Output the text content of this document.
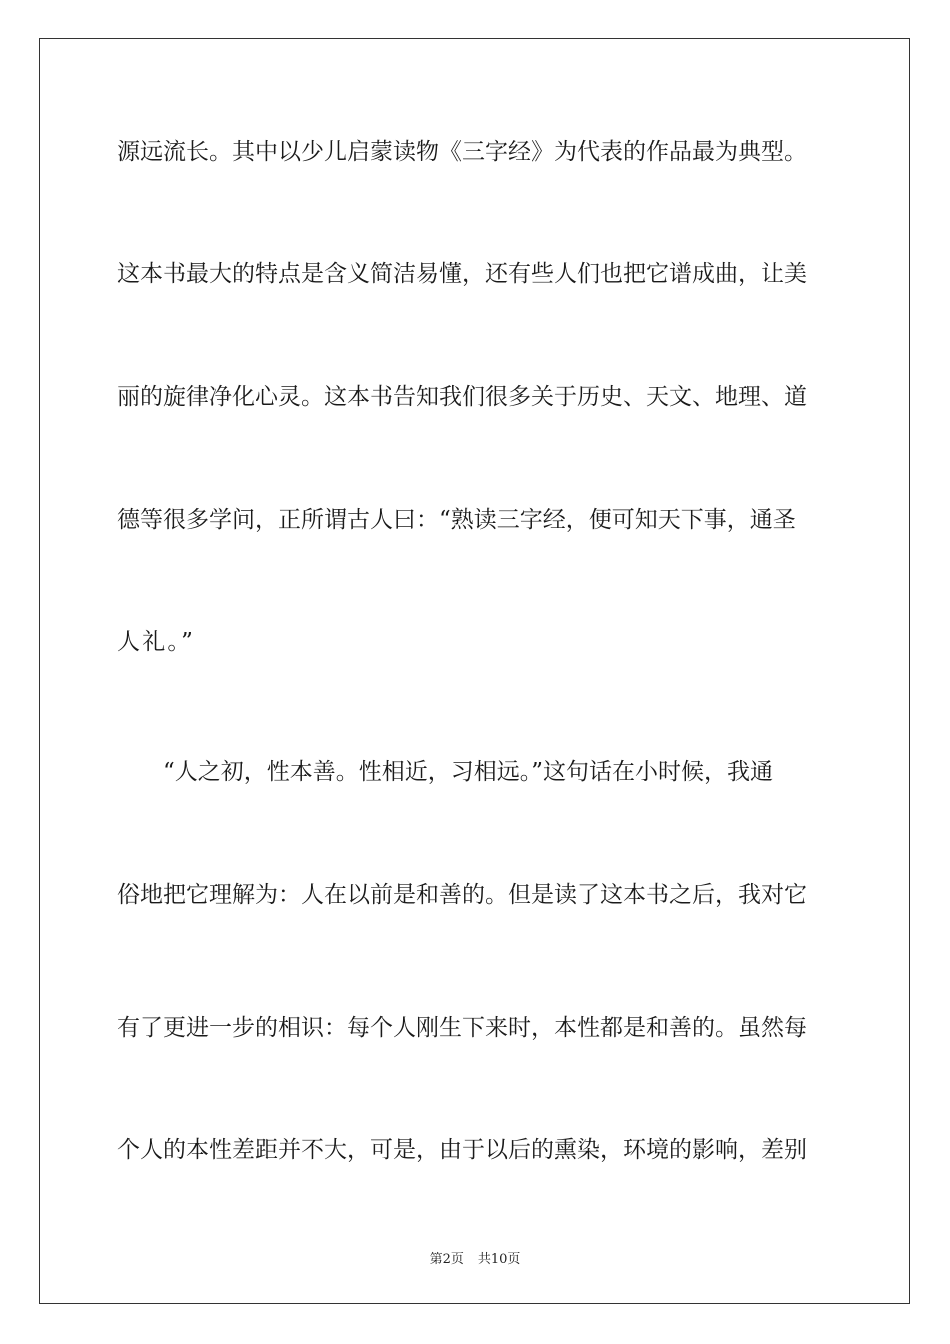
源远流长。其中以少儿启蒙读物《三字经》为代表的作品最为典型。
这本书最大的特点是含义简洁易懂，还有些人们也把它谱成曲，让美
丽的旋律净化心灵。这本书告知我们很多关于历史、天文、地理、道
德等很多学问，正所谓古人曰：“熟读三字经，便可知天下事，通圣
人礼。”
　　“人之初，性本善。性相近，习相远。”这句话在小时候，我通
俗地把它理解为：人在以前是和善的。但是读了这本书之后，我对它
有了更进一步的相识：每个人刚生下来时，本性都是和善的。虽然每
个人的本性差距并不大，可是，由于以后的熏染，环境的影响，差别
第2页 共10页
